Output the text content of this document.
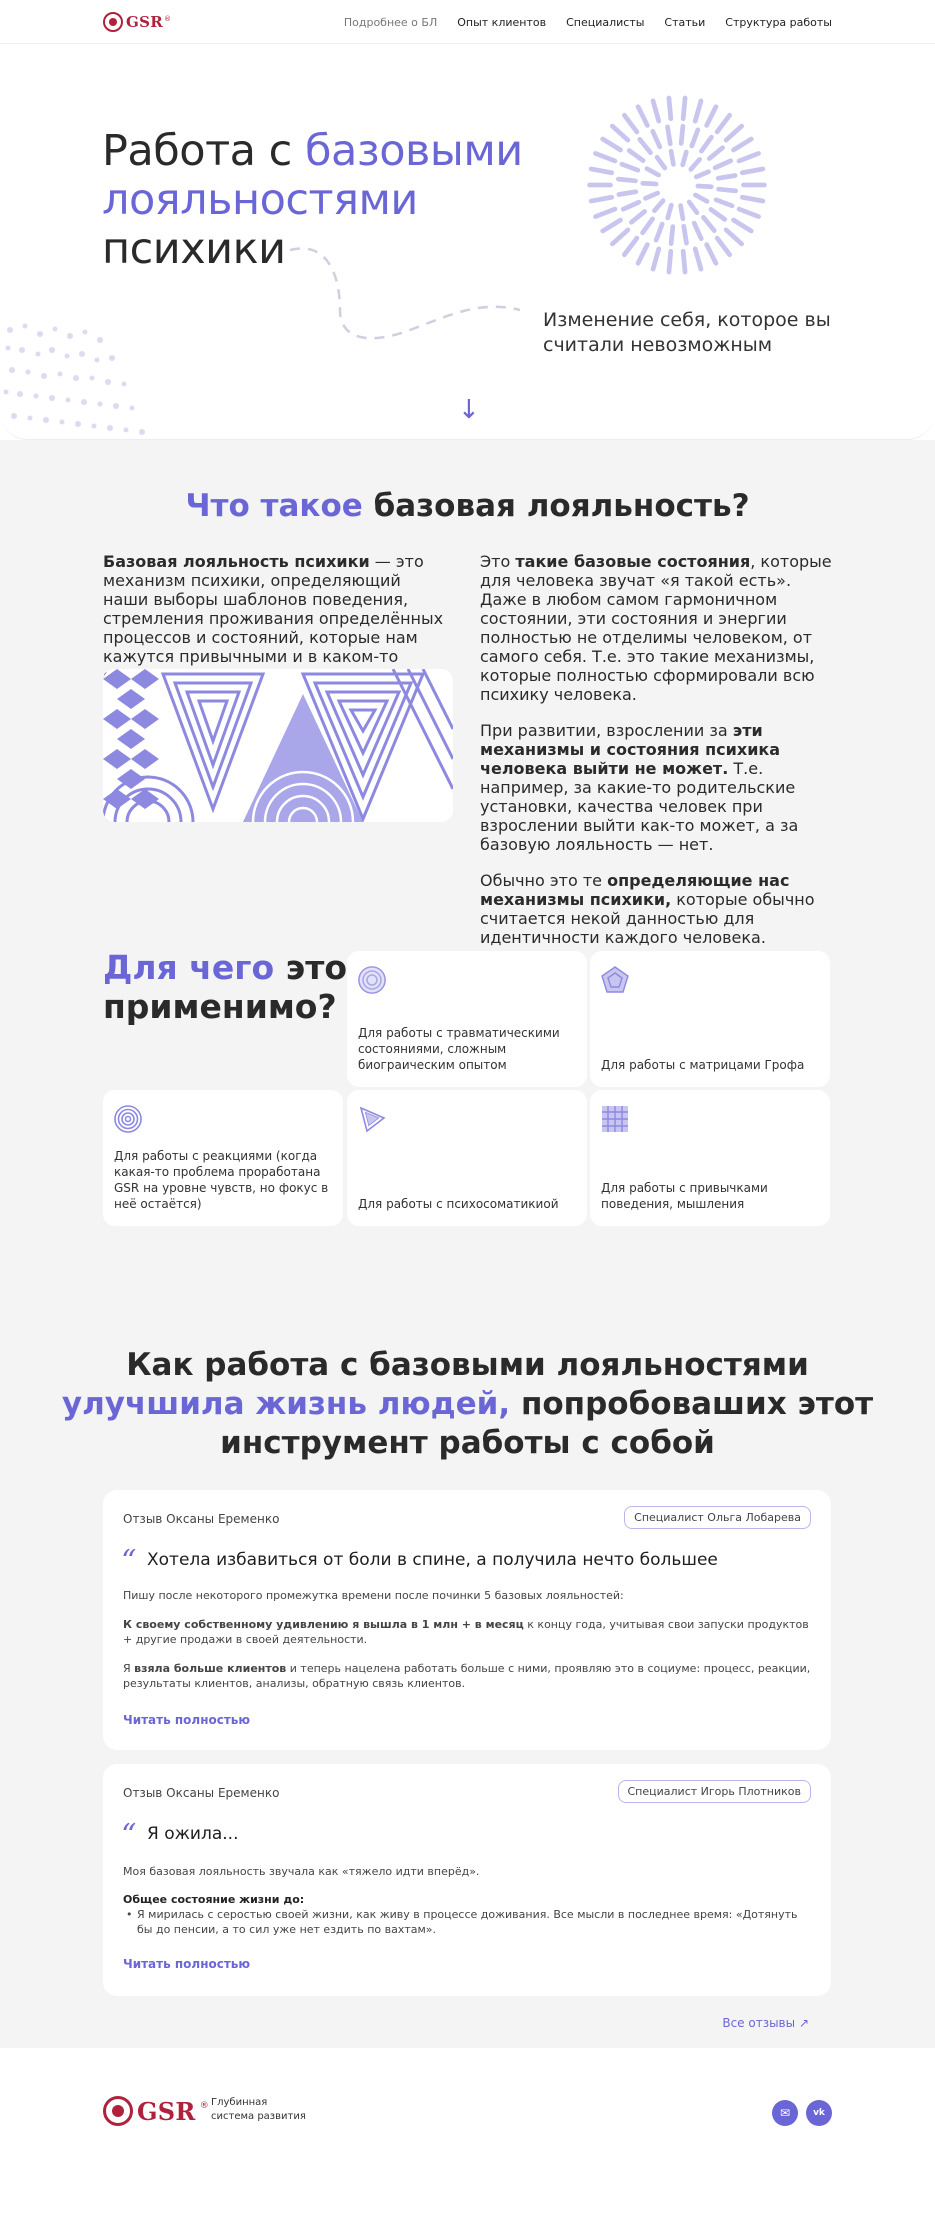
GSR ®	Подробнее о БЛ Опыт клиентов Специалисты Статьи Структура работы
Работа с базовыми лояльностями
психики
Изменение себя, которое вы считали невозможным
↓
Что такое базовая лояльность?

Базовая лояльность психики — это механизм психики, определяющий наши выборы шаблонов поведения, стремления проживания определённых процессов и состояний, которые нам кажутся привычными и в каком-то

Это такие базовые состояния, которые для человека звучат «я такой есть». Даже в любом самом гармоничном состоянии, эти состояния и энергии полностью не отделимы человеком, от самого себя. Т.е. это такие механизмы, которые полностью сформировали всю психику человека.

При развитии, взрослении за эти механизмы и состояния психика человека выйти не может. Т.е. например, за какие-то родительские установки, качества человек при взрослении выйти как-то может, а за базовую лояльность — нет.

Обычно это те определяющие нас механизмы психики, которые обычно считается некой данностью для идентичности каждого человека.

Для чего это
применимо?
Для работы с травматическими состояниями, сложным биограическим опытом	Для работы с матрицами Грофа
Для работы с реакциями (когда какая-то проблема проработана GSR на уровне чувств, но фокус в неё остаётся)	Для работы с психосоматикиой
Для работы с привычками поведения, мышления
Как работа с базовыми лояльностями
улучшила жизнь людей, попробоваших этот
инструмент работы с собой
Отзыв Оксаны Еременко	Специалист Ольга Лобарева
“ Хотела избавиться от боли в спине, а получила нечто большее
Пишу после некоторого промежутка времени после починки 5 базовых лояльностей:
К своему собственному удивлению я вышла в 1 млн + в месяц к концу года, учитывая свои запуски продуктов + другие продажи в своей деятельности.
Я взяла больше клиентов и теперь нацелена работать больше с ними, проявляю это в социуме: процесс, реакции, результаты клиентов, анализы, обратную связь клиентов.
Читать полностью
Отзыв Оксаны Еременко	Специалист Игорь Плотников
“ Я ожила...
Моя базовая лояльность звучала как «тяжело идти вперёд».
Общее состояние жизни до:
• Я мирилась с серостью своей жизни, как живу в процессе доживания. Все мысли в последнее время: «Дотянуть бы до пенсии, а то сил уже нет ездить по вахтам».
Читать полностью
Все отзывы ↗
GSR ® Глубинная система развития	✉	vk
